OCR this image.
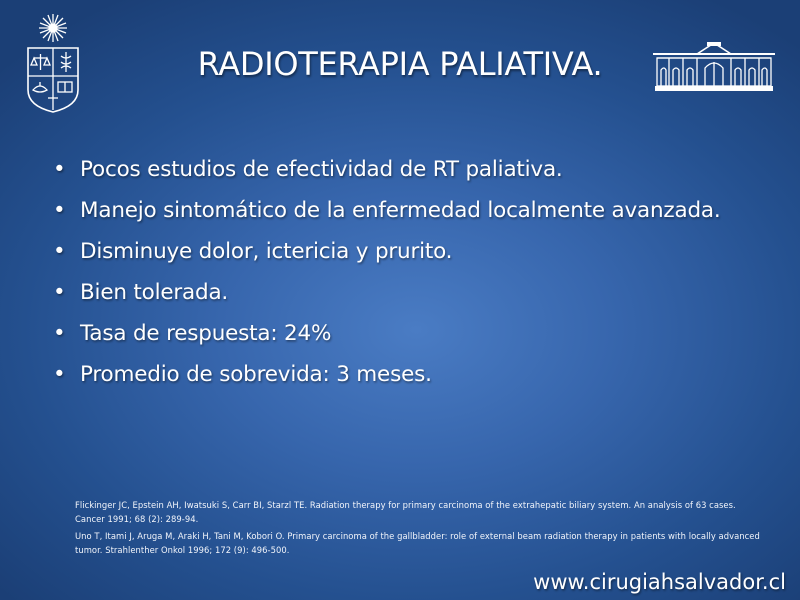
RADIOTERAPIA PALIATIVA.
• Pocos estudios de efectividad de RT paliativa.
• Manejo sintomático de la enfermedad localmente avanzada.
• Disminuye dolor, ictericia y prurito.
• Bien tolerada.
• Tasa de respuesta: 24%
• Promedio de sobrevida: 3 meses.

Flickinger JC, Epstein AH, Iwatsuki S, Carr BI, Starzl TE. Radiation therapy for primary carcinoma of the extrahepatic biliary system. An analysis of 63 cases. Cancer 1991; 68 (2): 289-94.

Uno T, Itami J, Aruga M, Araki H, Tani M, Kobori O. Primary carcinoma of the gallbladder: role of external beam radiation therapy in patients with locally advanced tumor. Strahlenther Onkol 1996; 172 (9): 496-500.

www.cirugiahsalvador.cl
